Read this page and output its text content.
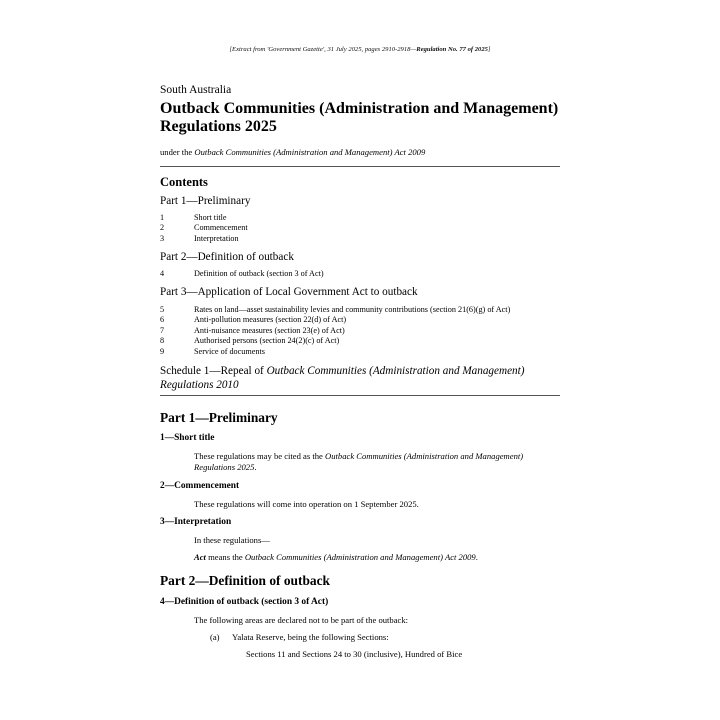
[Extract from 'Government Gazette', 31 July 2025, pages 2910-2918—Regulation No. 77 of 2025]
South Australia
Outback Communities (Administration and Management) Regulations 2025
under the Outback Communities (Administration and Management) Act 2009
Contents
Part 1—Preliminary
1	Short title
2	Commencement
3	Interpretation
Part 2—Definition of outback
4	Definition of outback (section 3 of Act)
Part 3—Application of Local Government Act to outback
5	Rates on land—asset sustainability levies and community contributions (section 21(6)(g) of Act)
6	Anti-pollution measures (section 22(d) of Act)
7	Anti-nuisance measures (section 23(e) of Act)
8	Authorised persons (section 24(2)(c) of Act)
9	Service of documents
Schedule 1—Repeal of Outback Communities (Administration and Management) Regulations 2010
Part 1—Preliminary
1—Short title
These regulations may be cited as the Outback Communities (Administration and Management) Regulations 2025.
2—Commencement
These regulations will come into operation on 1 September 2025.
3—Interpretation
In these regulations—
Act means the Outback Communities (Administration and Management) Act 2009.
Part 2—Definition of outback
4—Definition of outback (section 3 of Act)
The following areas are declared not to be part of the outback:
(a) Yalata Reserve, being the following Sections:
Sections 11 and Sections 24 to 30 (inclusive), Hundred of Bice
